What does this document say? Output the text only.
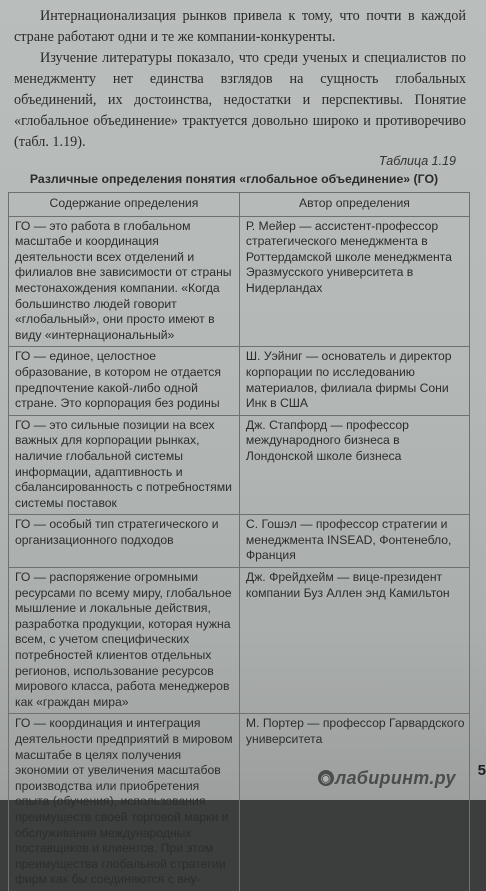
Интернационализация рынков привела к тому, что почти в каждой стране работают одни и те же компании-конкуренты.

Изучение литературы показало, что среди ученых и специалистов по менеджменту нет единства взглядов на сущность глобальных объединений, их достоинства, недостатки и перспективы. Понятие «глобальное объединение» трактуется довольно широко и противоречиво (табл. 1.19).

Таблица 1.19
Различные определения понятия «глобальное объединение» (ГО)
Содержание определения	Автор определения
ГО — это работа в глобальном масштабе и координация деятельности всех отделений и филиалов вне зависимости от страны местонахождения компании. «Когда большинство людей говорит «глобальный», они просто имеют в виду «интернациональный»	Р. Мейер — ассистент-профессор стратегического менеджмента в Роттердамской школе менеджмента Эразмусского университета в Нидерландах
ГО — единое, целостное образование, в котором не отдается предпочтение какой-либо одной стране. Это корпорация без родины	Ш. Уэйниг — основатель и директор корпорации по исследованию материалов, филиала фирмы Сони Инк в США
ГО — это сильные позиции на всех важных для корпорации рынках, наличие глобальной системы информации, адаптивность и сбалансированность с потребностями системы поставок	Дж. Стапфорд — профессор международного бизнеса в Лондонской школе бизнеса
ГО — особый тип стратегического и организационного подходов	С. Гошэл — профессор стратегии и менеджмента INSEAD, Фонтенебло, Франция
ГО — распоряжение огромными ресурсами по всему миру, глобальное мышление и локальные действия, разработка продукции, которая нужна всем, с учетом специфических потребностей клиентов отдельных регионов, использование ресурсов мирового класса, работа менеджеров как «граждан мира»	Дж. Фрейдхейм — вице-президент компании Буз Аллен энд Камильтон
ГО — координация и интеграция деятельности предприятий в мировом масштабе в целях получения экономии от увеличения масштабов производства или приобретения опыта (обучения), использования преимуществ своей торговой марки и обслуживания международных поставщиков и клиентов. При этом преимущества глобальной стратегии фирм как бы соединяются с вну-	М. Портер — профессор Гарвардского университета
5
◉ лабиринт.ру
